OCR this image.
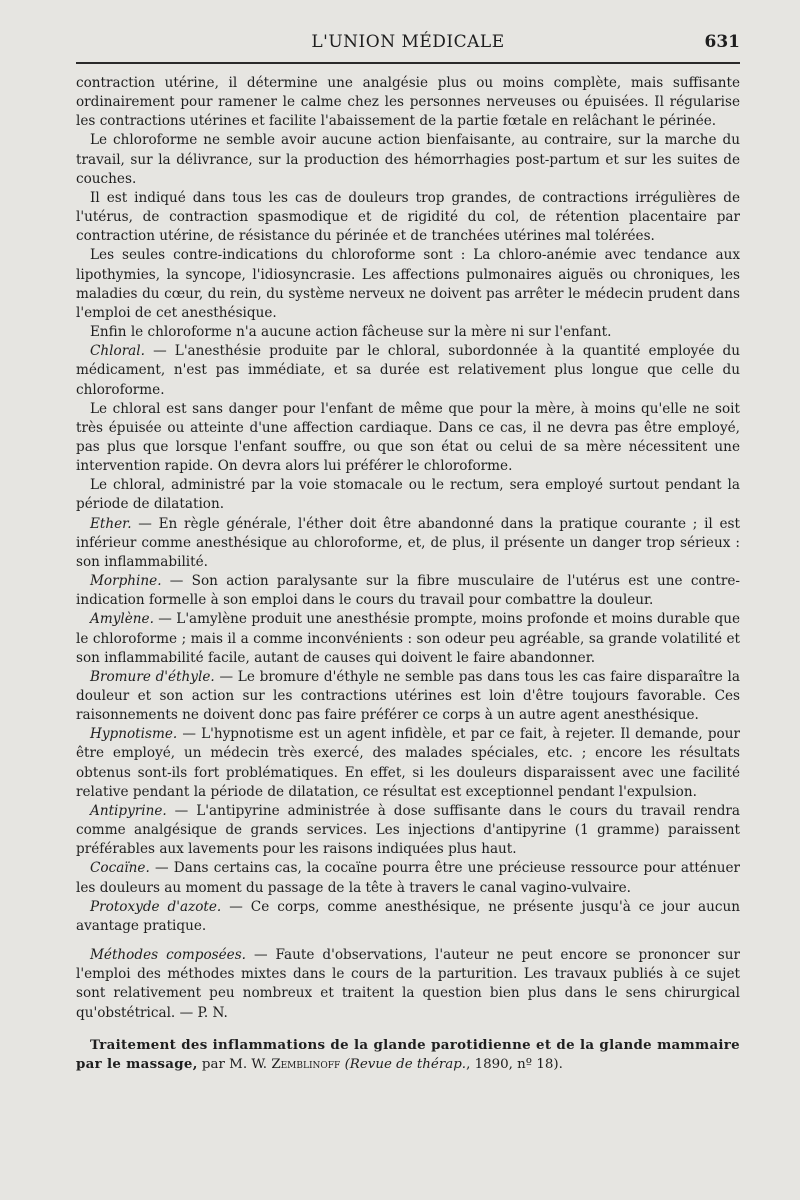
L'UNION MÉDICALE	631

contraction utérine, il détermine une analgésie plus ou moins complète, mais suffisante ordinairement pour ramener le calme chez les personnes nerveuses ou épuisées. Il régularise les contractions utérines et facilite l'abaissement de la partie fœtale en relâchant le périnée.

Le chloroforme ne semble avoir aucune action bienfaisante, au contraire, sur la marche du travail, sur la délivrance, sur la production des hémorrhagies post-partum et sur les suites de couches.

Il est indiqué dans tous les cas de douleurs trop grandes, de contractions irrégulières de l'utérus, de contraction spasmodique et de rigidité du col, de rétention placentaire par contraction utérine, de résistance du périnée et de tranchées utérines mal tolérées.

Les seules contre-indications du chloroforme sont : La chloro-anémie avec tendance aux lipothymies, la syncope, l'idiosyncrasie. Les affections pulmonaires aiguës ou chroniques, les maladies du cœur, du rein, du système nerveux ne doivent pas arrêter le médecin prudent dans l'emploi de cet anesthésique.

Enfin le chloroforme n'a aucune action fâcheuse sur la mère ni sur l'enfant.

Chloral. — L'anesthésie produite par le chloral, subordonnée à la quantité employée du médicament, n'est pas immédiate, et sa durée est relativement plus longue que celle du chloroforme.

Le chloral est sans danger pour l'enfant de même que pour la mère, à moins qu'elle ne soit très épuisée ou atteinte d'une affection cardiaque. Dans ce cas, il ne devra pas être employé, pas plus que lorsque l'enfant souffre, ou que son état ou celui de sa mère nécessitent une intervention rapide. On devra alors lui préférer le chloroforme.

Le chloral, administré par la voie stomacale ou le rectum, sera employé surtout pendant la période de dilatation.

Ether. — En règle générale, l'éther doit être abandonné dans la pratique courante ; il est inférieur comme anesthésique au chloroforme, et, de plus, il présente un danger trop sérieux : son inflammabilité.

Morphine. — Son action paralysante sur la fibre musculaire de l'utérus est une contre-indication formelle à son emploi dans le cours du travail pour combattre la douleur.

Amylène. — L'amylène produit une anesthésie prompte, moins profonde et moins durable que le chloroforme ; mais il a comme inconvénients : son odeur peu agréable, sa grande volatilité et son inflammabilité facile, autant de causes qui doivent le faire abandonner.

Bromure d'éthyle. — Le bromure d'éthyle ne semble pas dans tous les cas faire disparaître la douleur et son action sur les contractions utérines est loin d'être toujours favorable. Ces raisonnements ne doivent donc pas faire préférer ce corps à un autre agent anesthésique.

Hypnotisme. — L'hypnotisme est un agent infidèle, et par ce fait, à rejeter. Il demande, pour être employé, un médecin très exercé, des malades spéciales, etc. ; encore les résultats obtenus sont-ils fort problématiques. En effet, si les douleurs disparaissent avec une facilité relative pendant la période de dilatation, ce résultat est exceptionnel pendant l'expulsion.

Antipyrine. — L'antipyrine administrée à dose suffisante dans le cours du travail rendra comme analgésique de grands services. Les injections d'antipyrine (1 gramme) paraissent préférables aux lavements pour les raisons indiquées plus haut.

Cocaïne. — Dans certains cas, la cocaïne pourra être une précieuse ressource pour atténuer les douleurs au moment du passage de la tête à travers le canal vagino-vulvaire.

Protoxyde d'azote. — Ce corps, comme anesthésique, ne présente jusqu'à ce jour aucun avantage pratique.

Méthodes composées. — Faute d'observations, l'auteur ne peut encore se prononcer sur l'emploi des méthodes mixtes dans le cours de la parturition. Les travaux publiés à ce sujet sont relativement peu nombreux et traitent la question bien plus dans le sens chirurgical qu'obstétrical. — P. N.

Traitement des inflammations de la glande parotidienne et de la glande mammaire par le massage, par M. W. Zemblinoff (Revue de thérap., 1890, nº 18).
